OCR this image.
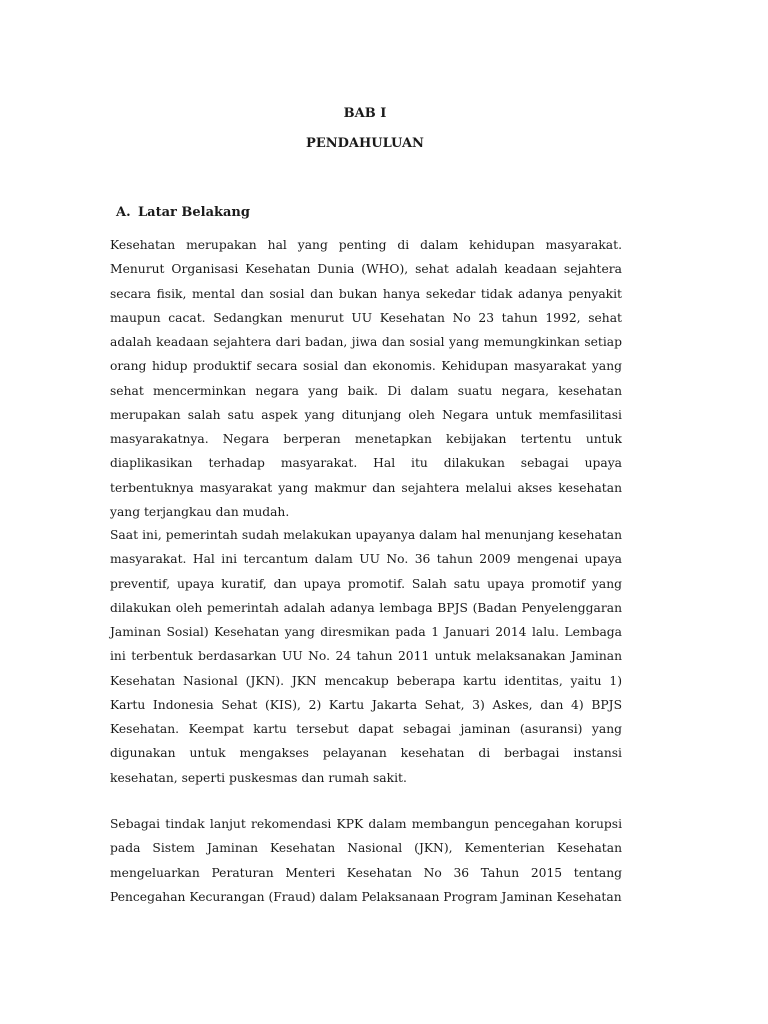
BAB I
PENDAHULUAN
A. Latar Belakang

Kesehatan merupakan hal yang penting di dalam kehidupan masyarakat. Menurut Organisasi Kesehatan Dunia (WHO), sehat adalah keadaan sejahtera secara fisik, mental dan sosial dan bukan hanya sekedar tidak adanya penyakit maupun cacat. Sedangkan menurut UU Kesehatan No 23 tahun 1992, sehat adalah keadaan sejahtera dari badan, jiwa dan sosial yang memungkinkan setiap orang hidup produktif secara sosial dan ekonomis. Kehidupan masyarakat yang sehat mencerminkan negara yang baik. Di dalam suatu negara, kesehatan merupakan salah satu aspek yang ditunjang oleh Negara untuk memfasilitasi masyarakatnya. Negara berperan menetapkan kebijakan tertentu untuk diaplikasikan terhadap masyarakat. Hal itu dilakukan sebagai upaya terbentuknya masyarakat yang makmur dan sejahtera melalui akses kesehatan yang terjangkau dan mudah.

Saat ini, pemerintah sudah melakukan upayanya dalam hal menunjang kesehatan masyarakat. Hal ini tercantum dalam UU No. 36 tahun 2009 mengenai upaya preventif, upaya kuratif, dan upaya promotif. Salah satu upaya promotif yang dilakukan oleh pemerintah adalah adanya lembaga BPJS (Badan Penyelenggaran Jaminan Sosial) Kesehatan yang diresmikan pada 1 Januari 2014 lalu. Lembaga ini terbentuk berdasarkan UU No. 24 tahun 2011 untuk melaksanakan Jaminan Kesehatan Nasional (JKN). JKN mencakup beberapa kartu identitas, yaitu 1) Kartu Indonesia Sehat (KIS), 2) Kartu Jakarta Sehat, 3) Askes, dan 4) BPJS Kesehatan. Keempat kartu tersebut dapat sebagai jaminan (asuransi) yang digunakan untuk mengakses pelayanan kesehatan di berbagai instansi kesehatan, seperti puskesmas dan rumah sakit.

Sebagai tindak lanjut rekomendasi KPK dalam membangun pencegahan korupsi pada Sistem Jaminan Kesehatan Nasional (JKN), Kementerian Kesehatan mengeluarkan Peraturan Menteri Kesehatan No 36 Tahun 2015 tentang Pencegahan Kecurangan (Fraud) dalam Pelaksanaan Program Jaminan Kesehatan
